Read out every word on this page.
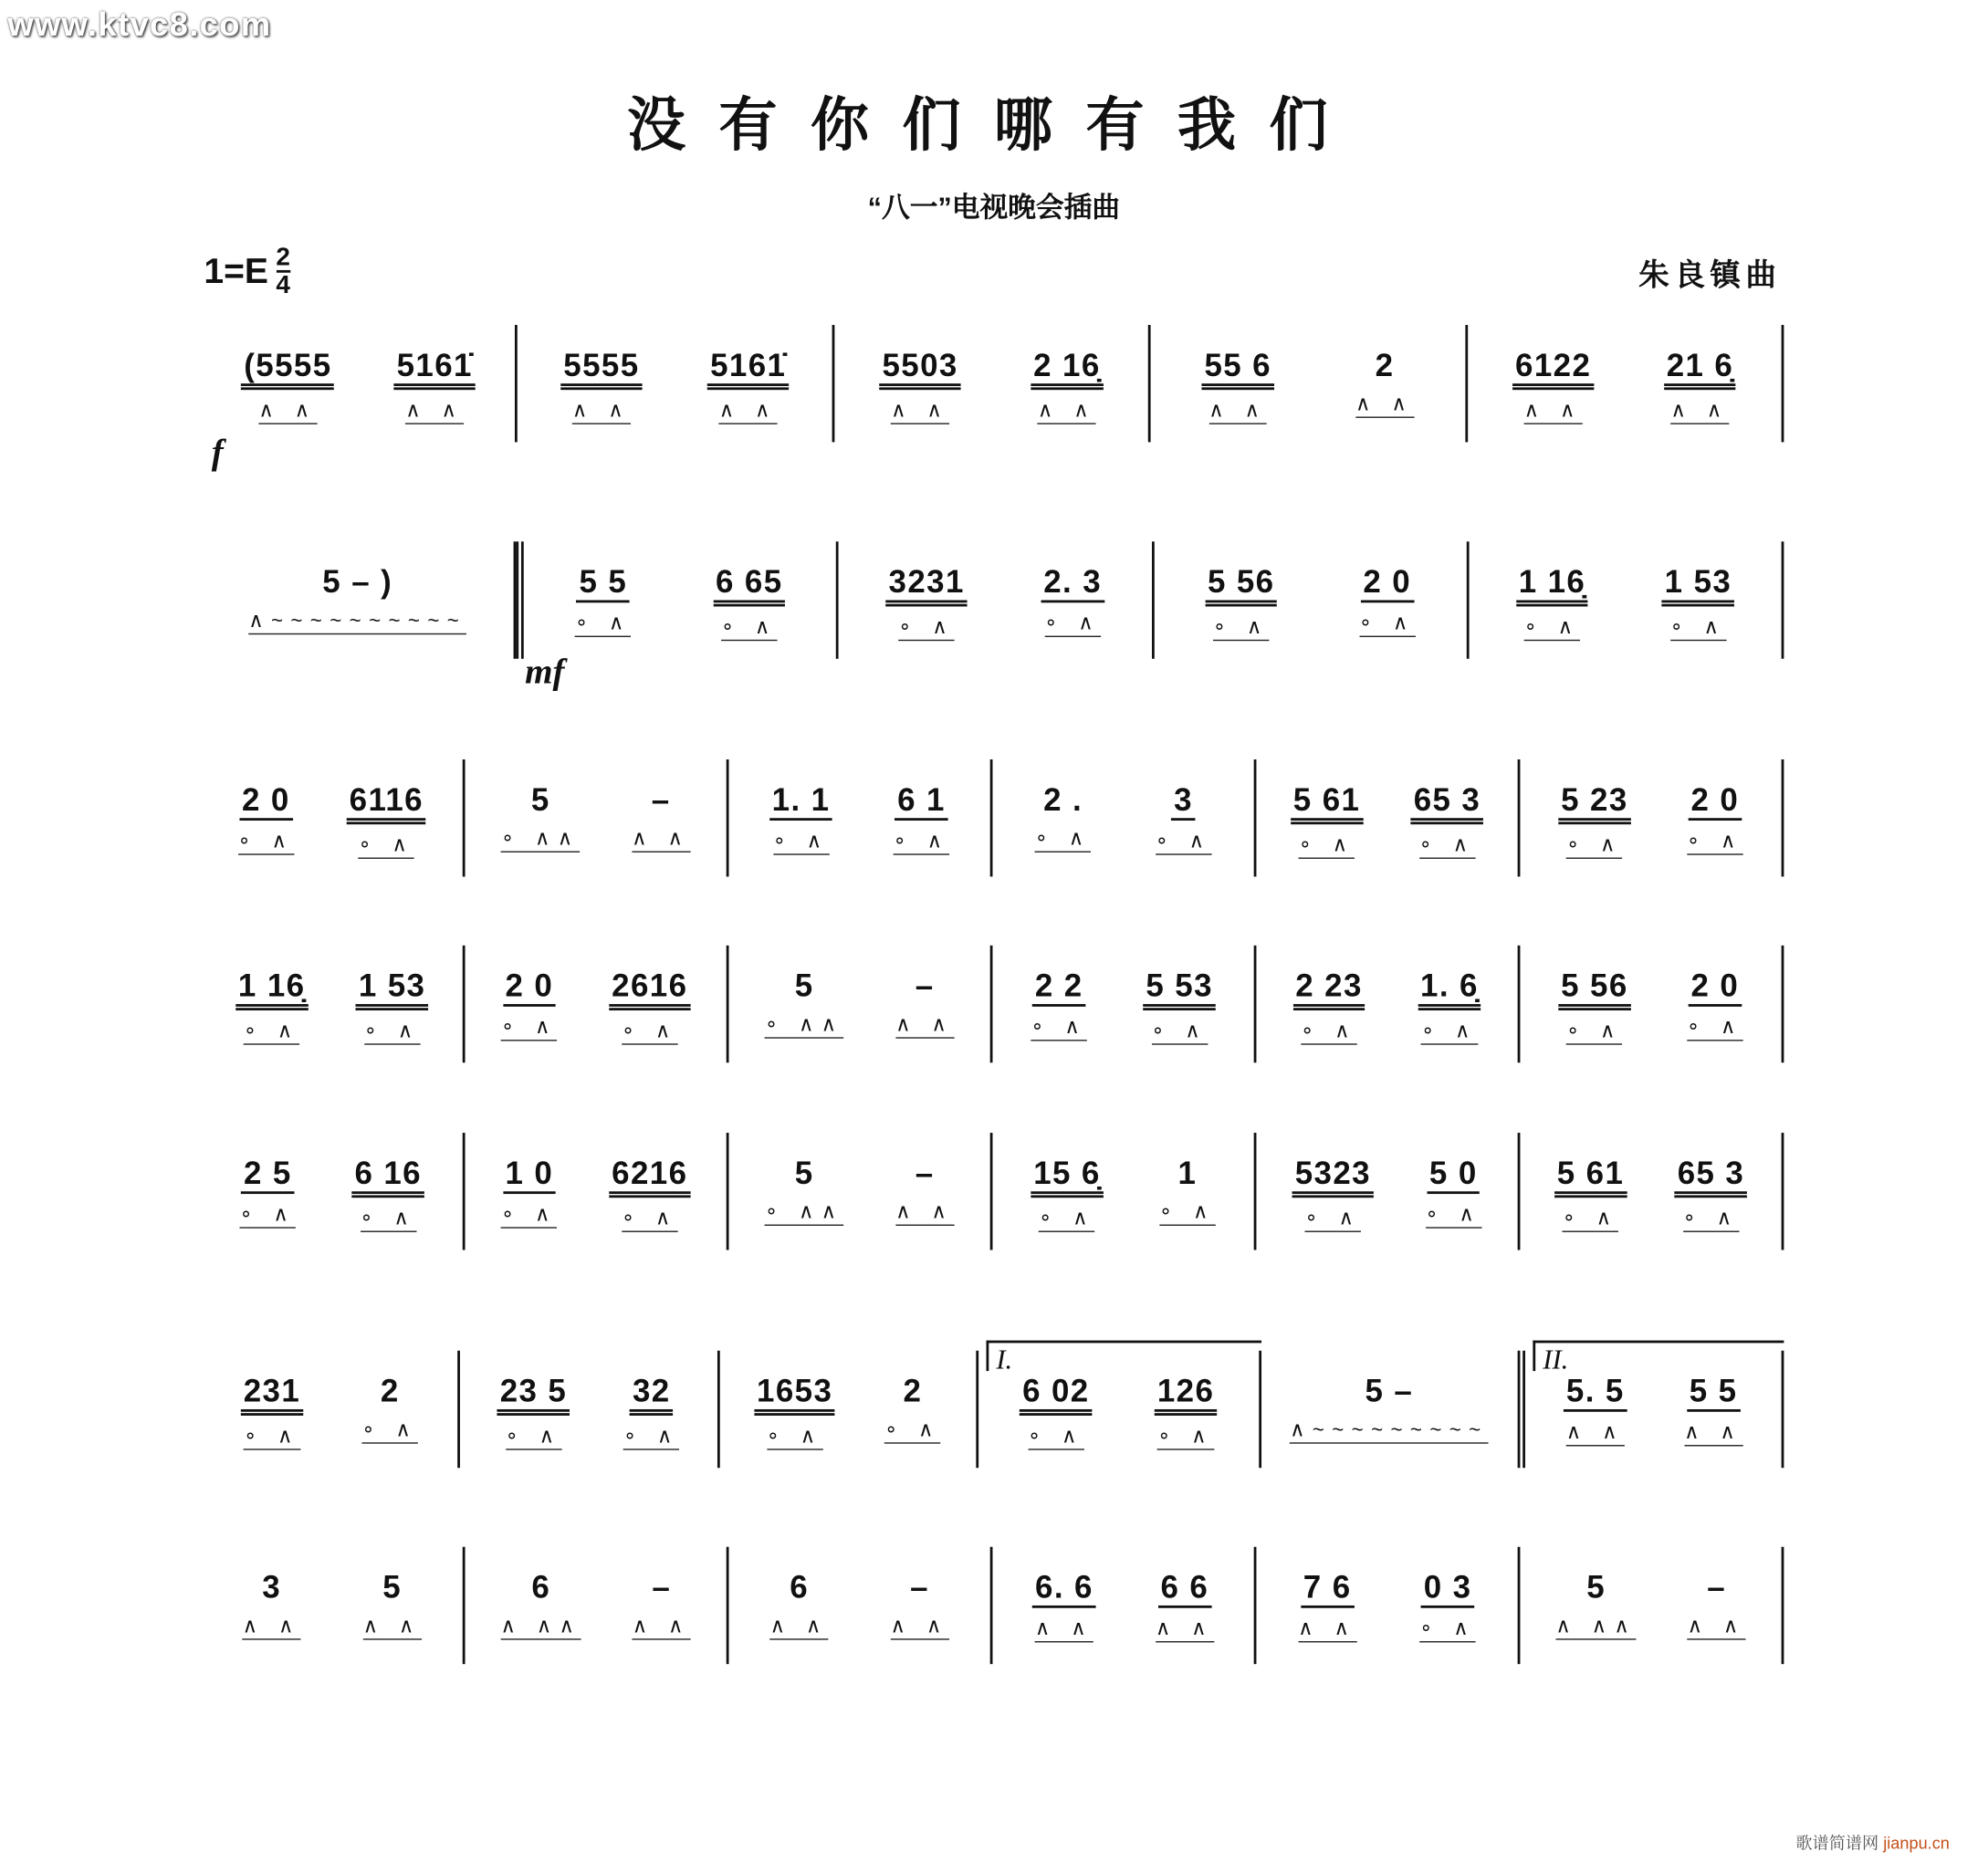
www.ktvc8.com
没有你们哪有我们
“八一”电视晚会插曲
$1=E \frac{2}{4}$	朱良镇曲
(5555
∧ ∧
5161̇
∧ ∧
5555
∧ ∧
5161̇
∧ ∧
5503
∧ ∧
2 16̣
∧ ∧
55 6
∧ ∧
2
∧ ∧
6122
∧ ∧
21 6̣
∧ ∧
5 – )
∧~~~~~~~~~~
5 5
∘ ∧
6 65
∘ ∧
3231
∘ ∧
2. 3
∘ ∧
5 56
∘ ∧
2 0
∘ ∧
1 16̣
∘ ∧
1 53
∘ ∧
2 0
∘ ∧
6116
∘ ∧
5
∘ ∧∧
–
∧ ∧
1. 1
∘ ∧
6 1
∘ ∧
2 .
∘ ∧
3
∘ ∧
5 61
∘ ∧
65 3
∘ ∧
5 23
∘ ∧
2 0
∘ ∧
1 16̣
∘ ∧
1 53
∘ ∧
2 0
∘ ∧
2616
∘ ∧
5
∘ ∧∧
–
∧ ∧
2 2
∘ ∧
5 53
∘ ∧
2 23
∘ ∧
1. 6̣
∘ ∧
5 56
∘ ∧
2 0
∘ ∧
2 5
∘ ∧
6 16
∘ ∧
1 0
∘ ∧
6216
∘ ∧
5
∘ ∧∧
–
∧ ∧
15 6̣
∘ ∧
1
∘ ∧
5323
∘ ∧
5 0
∘ ∧
5 61
∘ ∧
65 3
∘ ∧
231
∘ ∧
2
∘ ∧
23 5
∘ ∧
32
∘ ∧
1653
∘ ∧
2
∘ ∧
I.
6 02
∘ ∧
126
∘ ∧
5 –
∧~~~~~~~~~
II.
5. 5
∧ ∧
5 5
∧ ∧
3
∧ ∧
5
∧ ∧
6
∧ ∧∧
–
∧ ∧
6
∧ ∧
–
∧ ∧
6. 6
∧ ∧
6 6
∧ ∧
7 6
∧ ∧
0 3
∘ ∧
5
∧ ∧∧
–
∧ ∧
f
mf
歌谱简谱网 jianpu.cn
